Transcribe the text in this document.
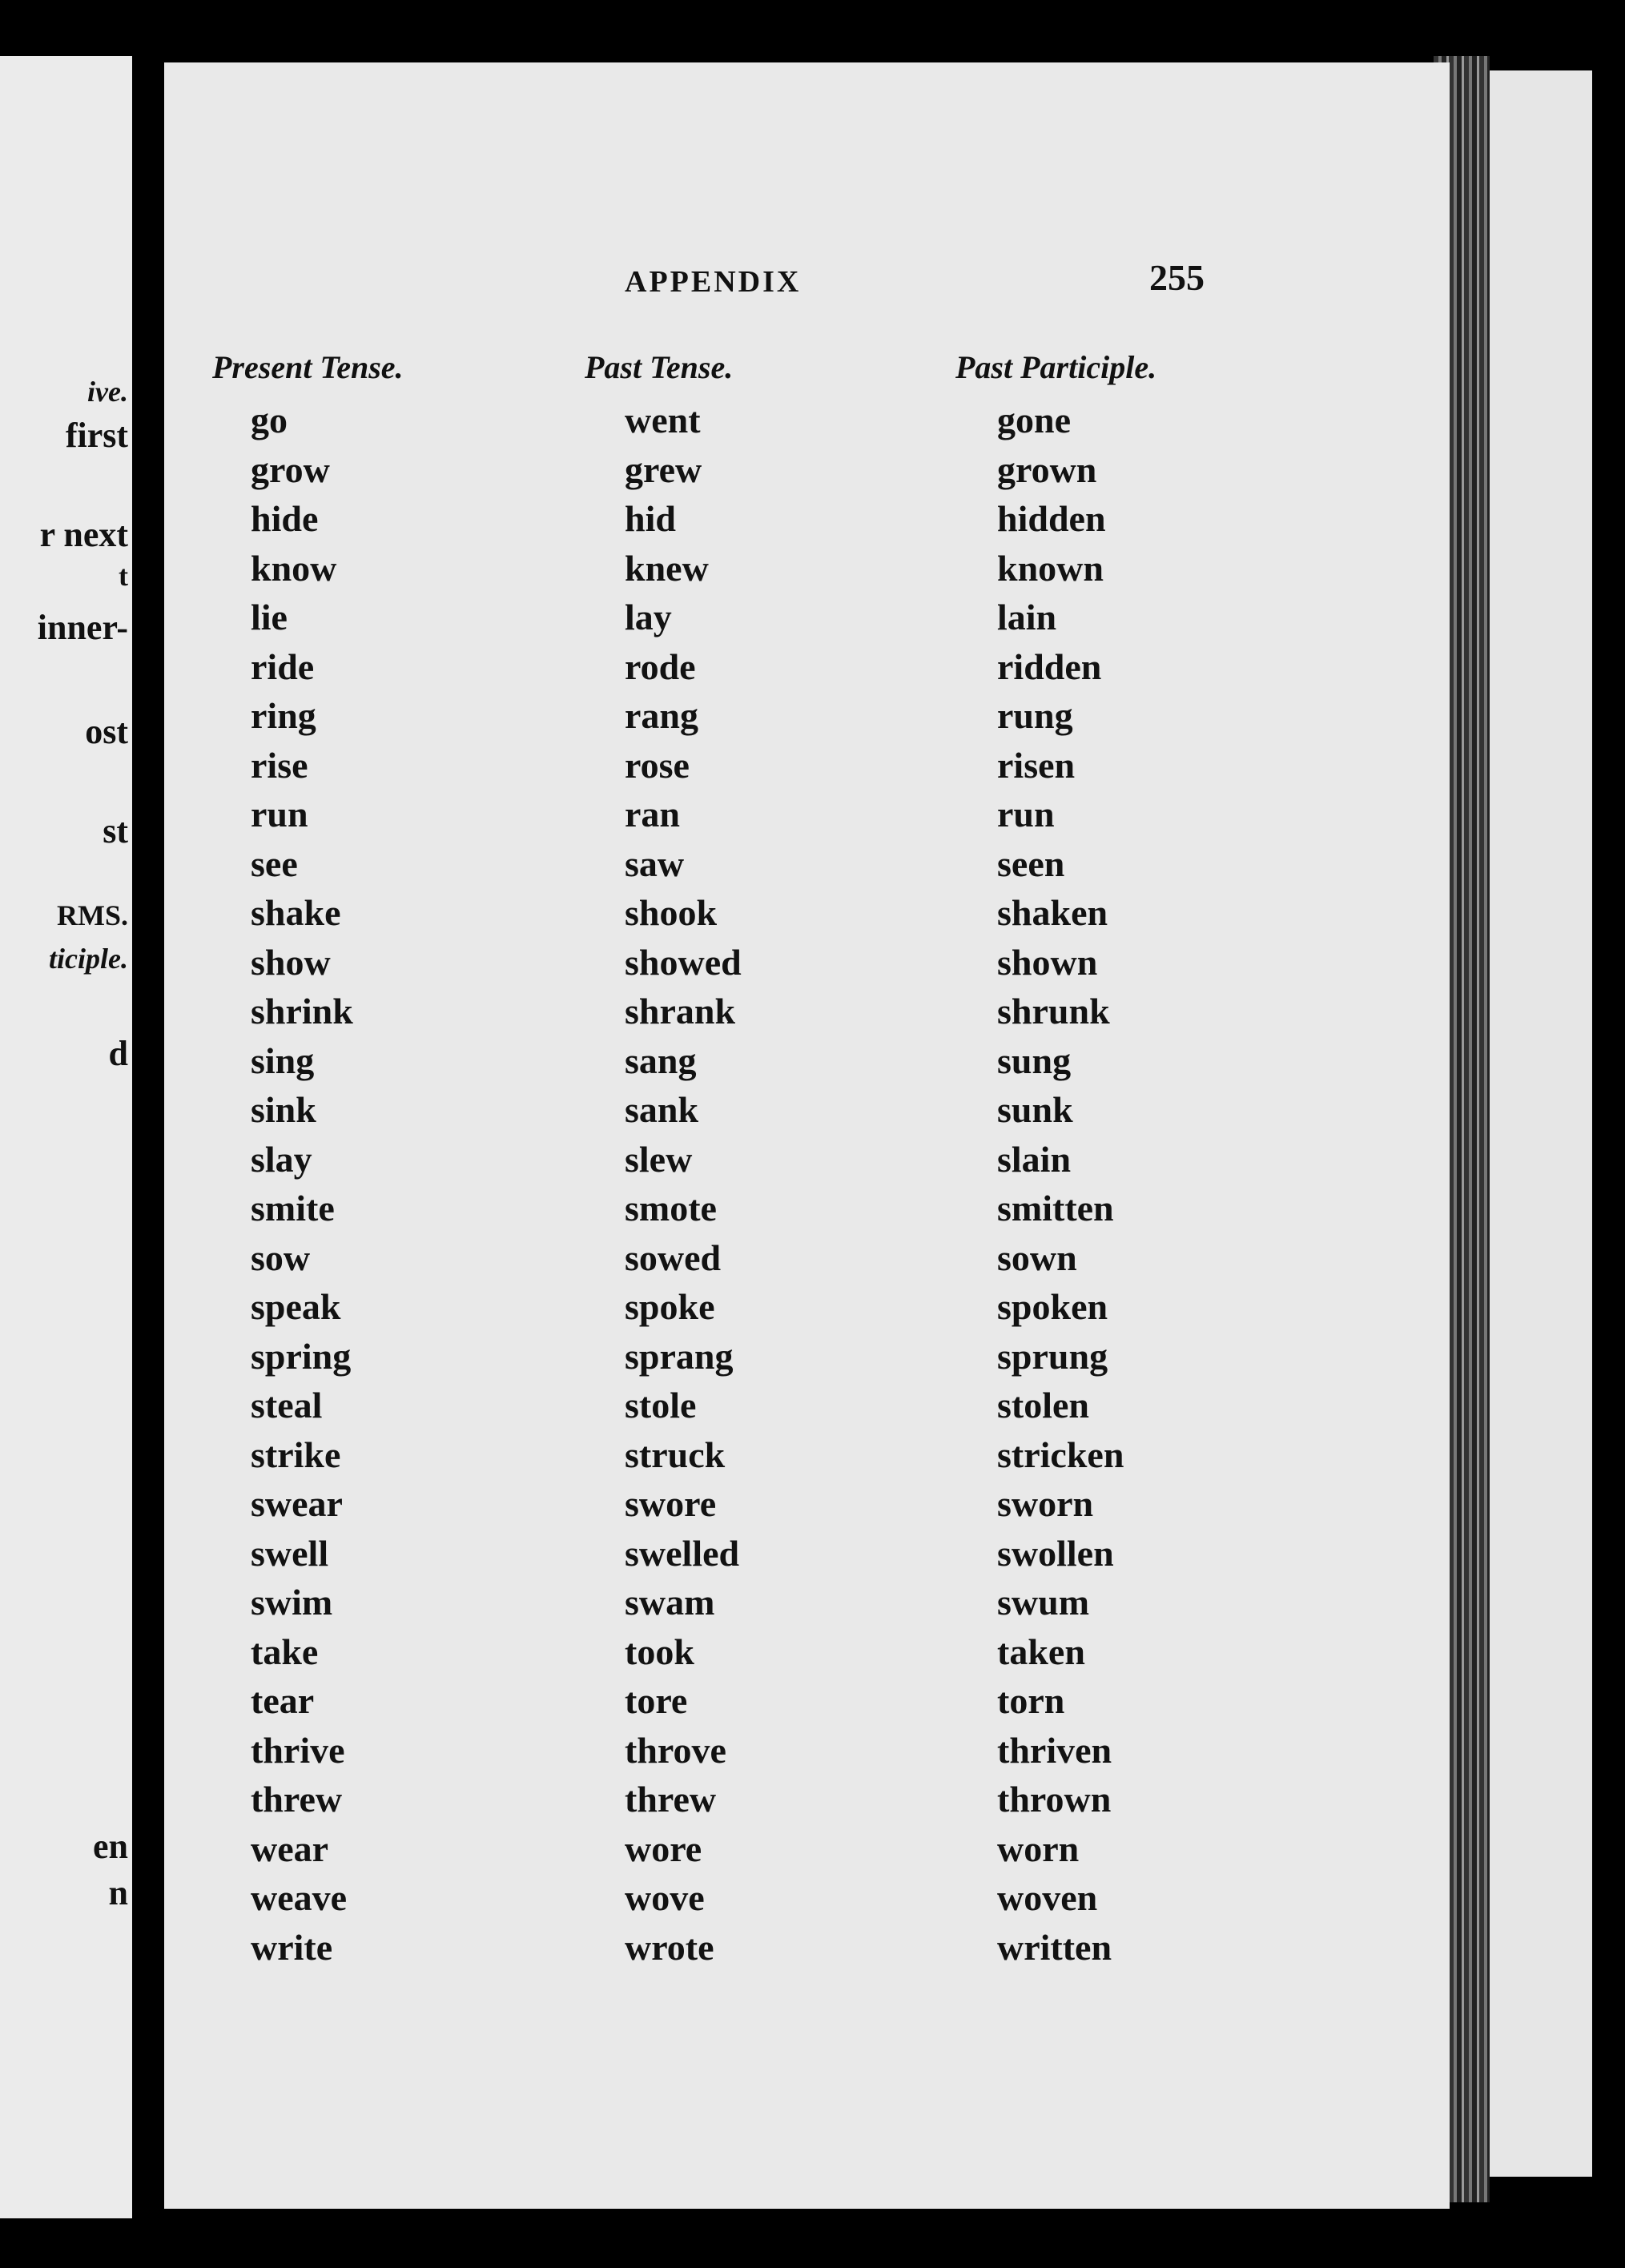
ive.
first
r next
t
inner-
ost
st
RMS.
ticiple.
d
en
n
APPENDIX	255
Present Tense.	Past Tense.	Past Participle.
go	went	gone
grow	grew	grown
hide	hid	hidden
know	knew	known
lie	lay	lain
ride	rode	ridden
ring	rang	rung
rise	rose	risen
run	ran	run
see	saw	seen
shake	shook	shaken
show	showed	shown
shrink	shrank	shrunk
sing	sang	sung
sink	sank	sunk
slay	slew	slain
smite	smote	smitten
sow	sowed	sown
speak	spoke	spoken
spring	sprang	sprung
steal	stole	stolen
strike	struck	stricken
swear	swore	sworn
swell	swelled	swollen
swim	swam	swum
take	took	taken
tear	tore	torn
thrive	throve	thriven
threw	threw	thrown
wear	wore	worn
weave	wove	woven
write	wrote	written
